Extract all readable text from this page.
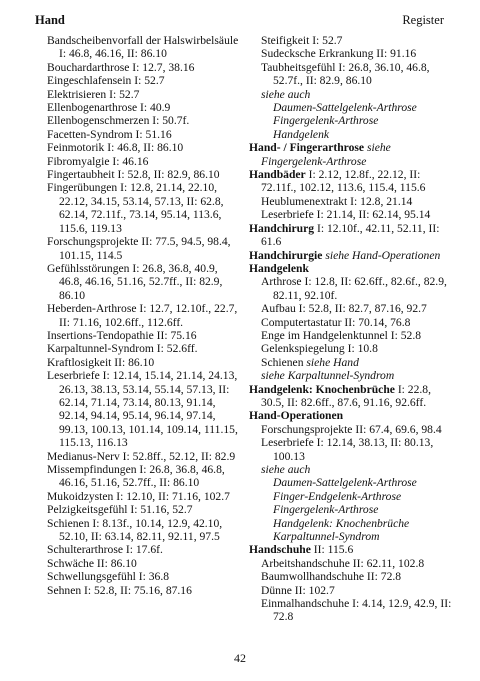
Hand	Register

Bandscheibenvorfall der Halswirbelsäule I: 46.8, 46.16, II: 86.10

Bouchardarthrose I: 12.7, 38.16

Eingeschlafensein I: 52.7

Elektrisieren I: 52.7

Ellenbogenarthrose I: 40.9

Ellenbogenschmerzen I: 50.7f.

Facetten-Syndrom I: 51.16

Feinmotorik I: 46.8, II: 86.10

Fibromyalgie I: 46.16

Fingertaubheit I: 52.8, II: 82.9, 86.10

Fingerübungen I: 12.8, 21.14, 22.10, 22.12, 34.15, 53.14, 57.13, II: 62.8, 62.14, 72.11f., 73.14, 95.14, 113.6, 115.6, 119.13

Forschungsprojekte II: 77.5, 94.5, 98.4, 101.15, 114.5

Gefühlsstörungen I: 26.8, 36.8, 40.9, 46.8, 46.16, 51.16, 52.7ff., II: 82.9, 86.10

Heberden-Arthrose I: 12.7, 12.10f., 22.7, II: 71.16, 102.6ff., 112.6ff.

Insertions-Tendopathie II: 75.16

Karpaltunnel-Syndrom I: 52.6ff.

Kraftlosigkeit II: 86.10

Leserbriefe I: 12.14, 15.14, 21.14, 24.13, 26.13, 38.13, 53.14, 55.14, 57.13, II: 62.14, 71.14, 73.14, 80.13, 91.14, 92.14, 94.14, 95.14, 96.14, 97.14, 99.13, 100.13, 101.14, 109.14, 111.15, 115.13, 116.13

Medianus-Nerv I: 52.8ff., 52.12, II: 82.9

Missempfindungen I: 26.8, 36.8, 46.8, 46.16, 51.16, 52.7ff., II: 86.10

Mukoidzysten I: 12.10, II: 71.16, 102.7

Pelzigkeitsgefühl I: 51.16, 52.7

Schienen I: 8.13f., 10.14, 12.9, 42.10, 52.10, II: 63.14, 82.11, 92.11, 97.5

Schulterarthrose I: 17.6f.

Schwäche II: 86.10

Schwellungsgefühl I: 36.8

Sehnen I: 52.8, II: 75.16, 87.16

Steifigkeit I: 52.7

Sudecksche Erkrankung II: 91.16

Taubheitsgefühl I: 26.8, 36.10, 46.8, 52.7f., II: 82.9, 86.10

siehe auch

Daumen-Sattelgelenk-Arthrose

Fingergelenk-Arthrose

Handgelenk

Hand- / Fingerarthrose siehe Fingergelenk-Arthrose

Handbäder I: 2.12, 12.8f., 22.12, II: 72.11f., 102.12, 113.6, 115.4, 115.6

Heublumenextrakt I: 12.8, 21.14

Leserbriefe I: 21.14, II: 62.14, 95.14

Handchirurg I: 12.10f., 42.11, 52.11, II: 61.6

Handchirurgie siehe Hand-Operationen

Handgelenk

Arthrose I: 12.8, II: 62.6ff., 82.6f., 82.9, 82.11, 92.10f.

Aufbau I: 52.8, II: 82.7, 87.16, 92.7

Computertastatur II: 70.14, 76.8

Enge im Handgelenktunnel I: 52.8

Gelenkspiegelung I: 10.8

Schienen siehe Hand

siehe Karpaltunnel-Syndrom

Handgelenk: Knochenbrüche I: 22.8, 30.5, II: 82.6ff., 87.6, 91.16, 92.6ff.

Hand-Operationen

Forschungsprojekte II: 67.4, 69.6, 98.4

Leserbriefe I: 12.14, 38.13, II: 80.13, 100.13

siehe auch

Daumen-Sattelgelenk-Arthrose

Finger-Endgelenk-Arthrose

Fingergelenk-Arthrose

Handgelenk: Knochenbrüche

Karpaltunnel-Syndrom

Handschuhe II: 115.6

Arbeitshandschuhe II: 62.11, 102.8

Baumwollhandschuhe II: 72.8

Dünne II: 102.7

Einmalhandschuhe I: 4.14, 12.9, 42.9, II: 72.8

42
